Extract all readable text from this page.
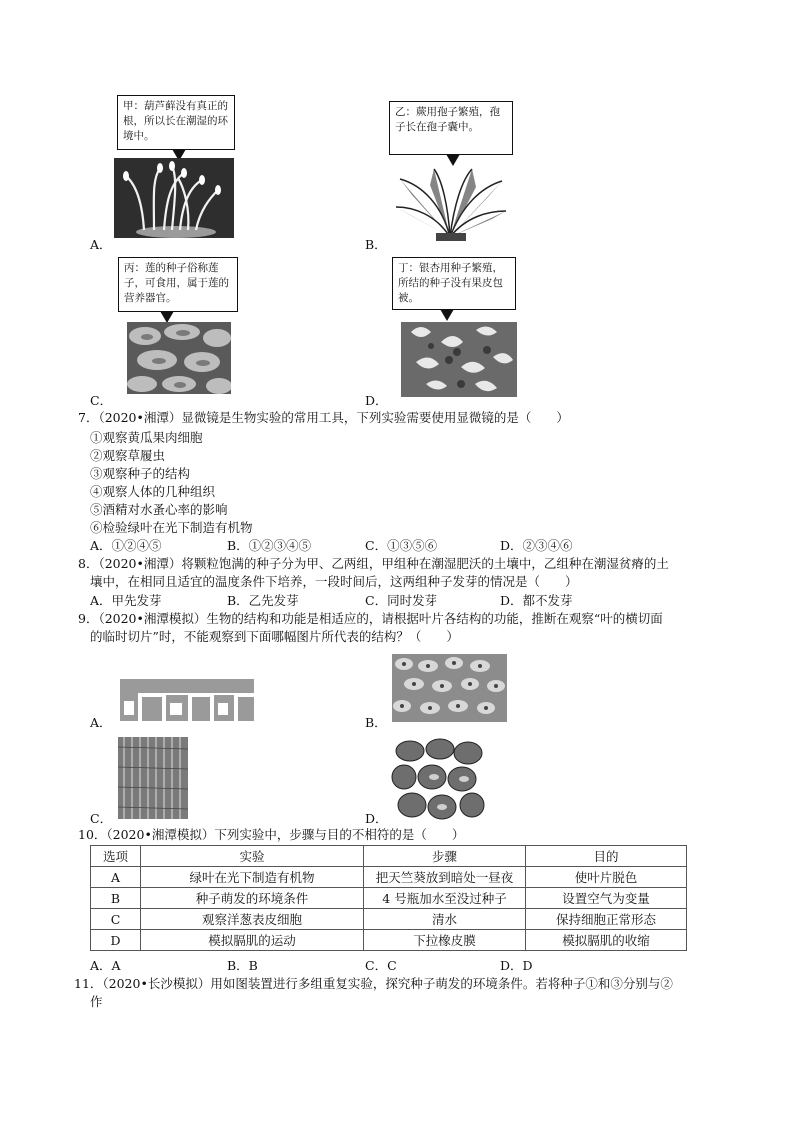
甲：葫芦藓没有真正的根，所以长在潮湿的环境中。
A．
乙：蕨用孢子繁殖，孢子长在孢子囊中。
B．
丙：莲的种子俗称莲子，可食用，属于莲的营养器官。
C．
丁：银杏用种子繁殖，所结的种子没有果皮包被。
D．
7．（2020•湘潭）显微镜是生物实验的常用工具，下列实验需要使用显微镜的是（　　）
①观察黄瓜果肉细胞
②观察草履虫
③观察种子的结构
④观察人体的几种组织
⑤酒精对水蚤心率的影响
⑥检验绿叶在光下制造有机物
A．①②④⑤	B．①②③④⑤	C．①③⑤⑥	D．②③④⑥
8．（2020•湘潭）将颗粒饱满的种子分为甲、乙两组，甲组种在潮湿肥沃的土壤中，乙组种在潮湿贫瘠的土
壤中，在相同且适宜的温度条件下培养，一段时间后，这两组种子发芽的情况是（　　）
A．甲先发芽	B．乙先发芽	C．同时发芽	D．都不发芽
9．（2020•湘潭模拟）生物的结构和功能是相适应的，请根据叶片各结构的功能，推断在观察“叶的横切面
的临时切片”时，不能观察到下面哪幅图片所代表的结构？（　　）
A．	B．
C．	D．
10．（2020•湘潭模拟）下列实验中，步骤与目的不相符的是（　　）
选项	实验	步骤	目的
A	绿叶在光下制造有机物	把天竺葵放到暗处一昼夜	使叶片脱色
B	种子萌发的环境条件	4 号瓶加水至没过种子	设置空气为变量
C	观察洋葱表皮细胞	清水	保持细胞正常形态
D	模拟膈肌的运动	下拉橡皮膜	模拟膈肌的收缩
A．A	B．B	C．C	D．D
11．（2020•长沙模拟）用如图装置进行多组重复实验，探究种子萌发的环境条件。若将种子①和③分别与②
作
